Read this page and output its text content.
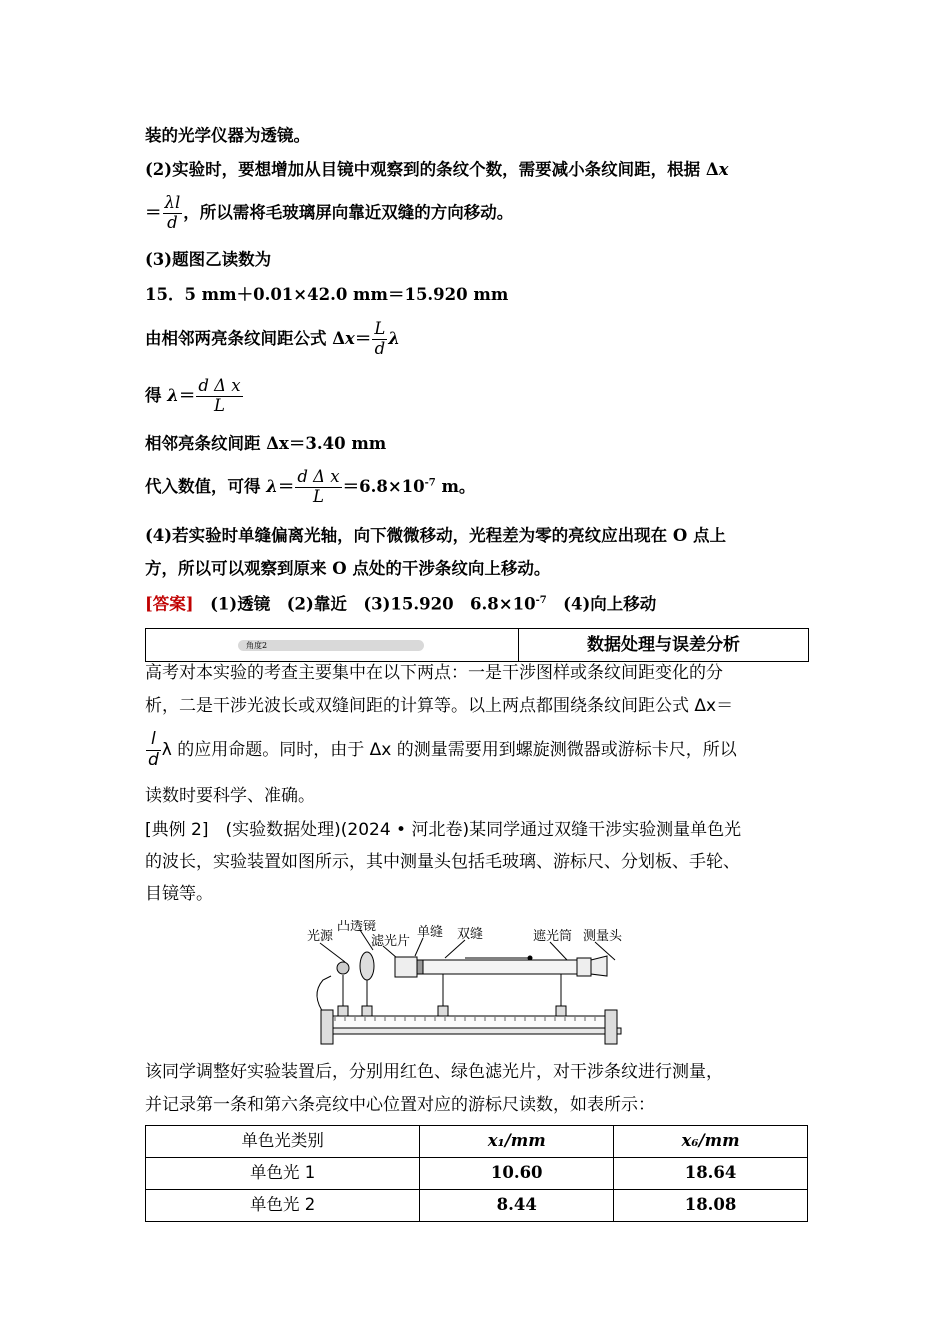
装的光学仪器为透镜。
(2)实验时，要想增加从目镜中观察到的条纹个数，需要减小条纹间距，根据 Δx
＝ $\frac{\lambda l}{d}$ ，所以需将毛玻璃屏向靠近双缝的方向移动。
(3)题图乙读数为
15．5 mm＋0.01×42.0 mm＝15.920 mm
由相邻两亮条纹间距公式 $\Delta x= \frac{L}{d}$ λ
得 $\lambda= \frac{\text{d Δ x}}{L}$
相邻亮条纹间距 Δx＝3.40 mm
代入数值，可得 $\lambda= \frac{\text{d Δ x}}{L} =6.8\times 10^{-7}$ m。
(4)若实验时单缝偏离光轴，向下微微移动，光程差为零的亮纹应出现在 O 点上
方，所以可以观察到原来 O 点处的干涉条纹向上移动。
[答案]　(1)透镜　(2)靠近　(3)15.920　$6.8\times 10^{-7}$　(4)向上移动
角度2	数据处理与误差分析
高考对本实验的考查主要集中在以下两点：一是干涉图样或条纹间距变化的分
析，二是干涉光波长或双缝间距的计算等。以上两点都围绕条纹间距公式 Δx＝
$\frac{l}{d}$ λ 的应用命题。同时，由于 Δx 的测量需要用到螺旋测微器或游标卡尺，所以
读数时要科学、准确。
[典例 2]　(实验数据处理)(2024 • 河北卷)某同学通过双缝干涉实验测量单色光
的波长，实验装置如图所示，其中测量头包括毛玻璃、游标尺、分划板、手轮、
目镜等。
光源
凸透镜
滤光片
单缝 双缝	遮光筒 测量头
该同学调整好实验装置后，分别用红色、绿色滤光片，对干涉条纹进行测量，
并记录第一条和第六条亮纹中心位置对应的游标尺读数，如表所示：
单色光类别	x₁/mm	x₆/mm
单色光 1	10.60	18.64
单色光 2	8.44	18.08
